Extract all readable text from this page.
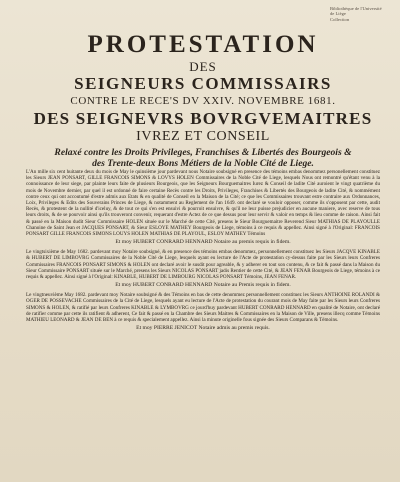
Bibliothèque de l'Université
de Liège
Collection
PROTESTATION
DES
SEIGNEURS COMMISSAIRS
CONTRE LE RECE'S DV XXIV. NOVEMBRE 1681.
DES SEIGNEVRS BOVRGVEMAITRES
IVREZ ET CONSEIL
Relaxé contre les Droits Privileges, Franchises & Libertés des Bourgeois &
des Trente-deux Bons Métiers de la Noble Cité de Liege.

L'An mille six cent huitante deux du mois de May le quinsième jour pardevant nous Notaire soubsigné en presence des témoins embas denommez personellement constituez les Sieurs JEAN PONSART, GILLE FRANCOIS SIMONS & LOVYS HOLEN Commissaires de la Noble Cité de Liege, lesquels Nous ont remontré qu'étant venu à la connoissance de leur siege, par plainte leurs faite de plusieurs Bourgeois, que les Seigneurs Bourguemaitres Iurez & Conseil de ladite Cité auroient le vingt quatrième du mois de Novembre dernier, par quel il est ordonné de faire certaine Recès contre les Droits, Privileges, Franchises & Libertés des Bourgeois de ladite Cité, & nommément contre ceux qui ont accoutumé d'estre admis aux Etats & en qualité de Conseil en la Maison de la Cité; ce que les Commissaires trouvant estre contraire aux Ordonnances, Loix, Privileges & Edits des Souverains Princes de Liege, & notamment au Reglement de l'an 1649. ont declaré se vouloir opposer, comme ils s'opposent par cette, audit Recès, & protestent de la nullité d'iceluy, & de tout ce qui s'en est ensuivi & pourroit ensuivre, & qu'il ne leur puisse prejudicier en aucune maniere, avec reserve de tous leurs droits, & de se pourvoir ainsi qu'ils trouveront convenir, requerant d'estre Actez de ce que dessus pour leur servir & valoir en temps & lieu comme de raison. Ainsi fait & passé en la Maison dudit Sieur Commissaire HOLEN située sur le Marché de cette Cité, presens le Sieur Bourguemaitre Reverend Sieur MATHIAS DE PLAYOULLE Chanoine de Saint Jean et JACQUES PONSART, & Sieur ESLOYE MATHEY Bourgeois de Liege, témoins à ce requis & appellez. Ainsi signé à l'Original: FRANCOIS PONSART GILLE FRANCOIS SIMONS LOUYS HOLEN MATHIAS DE PLAYOUL, ESLOY MATHEY Témoins

Et moy HUBERT CONRARD HENNARD Notaire au premis requis in fidem.

Le vingtsixième de May 1682. pardevant moy Notaire soubsigné, & en presence des témoins embas denommez, personnellement constituez les Sieurs JACQVE KINABLE & HUBERT DE LIMBOVRG Commissaires de la Noble Cité de Liege, lesquels ayant eu lecture de l'Acte de protestation cy-dessus faite par les Sieurs leurs Confreres Commissaires FRANCOIS PONSART SIMONS & HOLEN ont declaré avoir le susdit pour agreable, & y adherer en tout son contenu, & ce fait & passé dans la Maison du Sieur Commissaire PONSART située sur le Marché, presens les Sieurs NICOLAS PONSART jadis Rentier de cette Cité, & JEAN FENAR Bourgeois de Liege, témoins à ce requis & appellez. Ainsi signé à l'Original: KINABLE, HUBERT DE LIMBOURG NICOLAS PONSART Témoins, JEAN FENAR.

Et moy HUBERT CONRARD HENNARD Notaire au Premis requis in fidem.

Le vingtneuvième May 1682. pardevant moy Notaire soubsigné & des Témoins en bas de cette denommez personnellement constituez les Sieurs ANTHOINE ROLANDI & OGER DE POSSEVACHE Commissaires de la Cité de Liege, lesquels ayant eu lecture de l'Acte de protestation du courant mois de May faite par les Sieurs leurs Confreres SIMONS & HOLEN, & ratifié par leurs Confreres KINABLE & LYMBOVRG ce jourd'huy pardevant HUBERT CONRARD HENNARD en qualité de Notaire, ont declaré de ratifier comme par cette ils ratifient & adherent, Ce fait & passé en la Chambre des Sieurs Maitres & Commissaires en la Maison de Ville, presens illecq comme Témoins MATHIEU LEONARD & JEAN DE BEN à ce requis & specialement appellez. Ainsi la minute originelle fous signée des Sieurs Comparans & Témoins.

Et moy PIERRE JENICOT Notaire admis au premis requis.
